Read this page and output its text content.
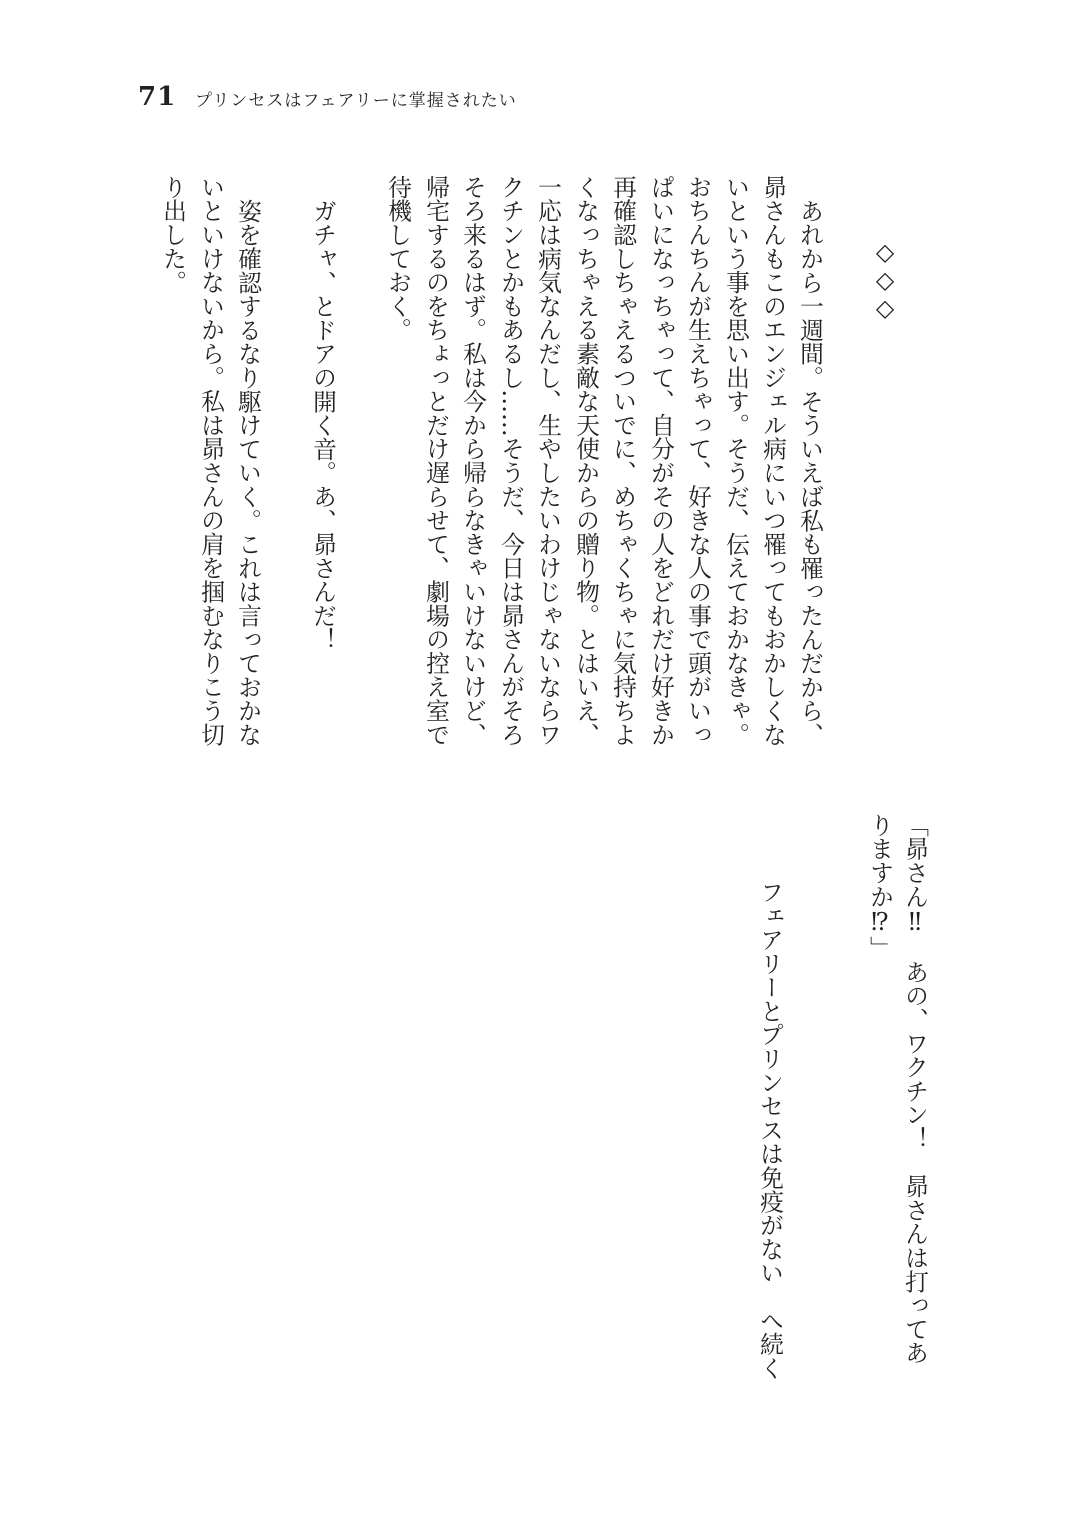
71 プリンセスはフェアリーに掌握されたい
◇◇◇
あれから一週間。そういえば私も罹ったんだから、
昴さんもこのエンジェル病にいつ罹ってもおかしくな
いという事を思い出す。そうだ、伝えておかなきゃ。
おちんちんが生えちゃって、好きな人の事で頭がいっ
ぱいになっちゃって、自分がその人をどれだけ好きか
再確認しちゃえるついでに、めちゃくちゃに気持ちよ
くなっちゃえる素敵な天使からの贈り物。とはいえ、
一応は病気なんだし、生やしたいわけじゃないならワ
クチンとかもあるし……そうだ、今日は昴さんがそろ
そろ来るはず。私は今から帰らなきゃいけないけど、
帰宅するのをちょっとだけ遅らせて、劇場の控え室で
待機しておく。
ガチャ、とドアの開く音。あ、昴さんだ！
姿を確認するなり駆けていく。これは言っておかな
いといけないから。私は昴さんの肩を掴むなりこう切
り出した。
「昴さん‼　あの、ワクチン！　昴さんは打ってあ
りますか⁉」
フェアリーとプリンセスは免疫がない　へ続く
